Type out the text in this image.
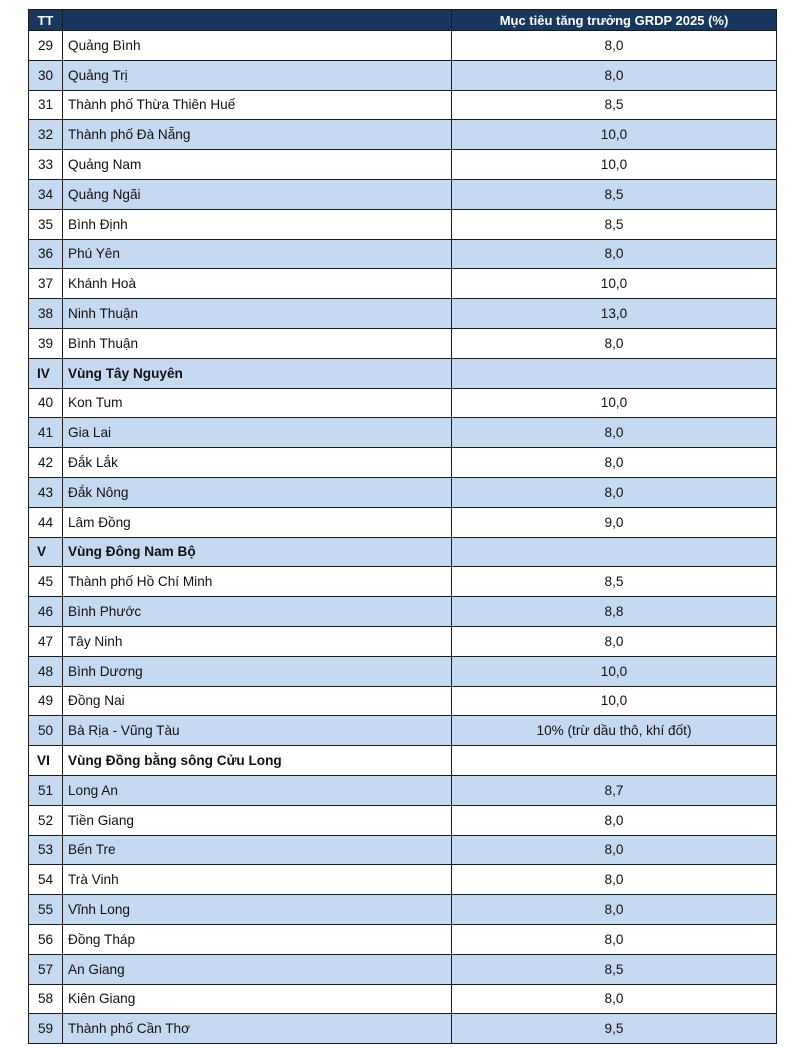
TT		Mục tiêu tăng trưởng GRDP 2025 (%)
29	Quảng Bình	8,0
30	Quảng Trị	8,0
31	Thành phố Thừa Thiên Huế	8,5
32	Thành phố Đà Nẵng	10,0
33	Quảng Nam	10,0
34	Quảng Ngãi	8,5
35	Bình Định	8,5
36	Phú Yên	8,0
37	Khánh Hoà	10,0
38	Ninh Thuận	13,0
39	Bình Thuận	8,0
IV	Vùng Tây Nguyên	
40	Kon Tum	10,0
41	Gia Lai	8,0
42	Đắk Lắk	8,0
43	Đắk Nông	8,0
44	Lâm Đồng	9,0
V	Vùng Đông Nam Bộ	
45	Thành phố Hồ Chí Minh	8,5
46	Bình Phước	8,8
47	Tây Ninh	8,0
48	Bình Dương	10,0
49	Đồng Nai	10,0
50	Bà Rịa - Vũng Tàu	10% (trừ dầu thô, khí đốt)
VI	Vùng Đồng bằng sông Cửu Long	
51	Long An	8,7
52	Tiền Giang	8,0
53	Bến Tre	8,0
54	Trà Vinh	8,0
55	Vĩnh Long	8,0
56	Đồng Tháp	8,0
57	An Giang	8,5
58	Kiên Giang	8,0
59	Thành phố Cần Thơ	9,5
